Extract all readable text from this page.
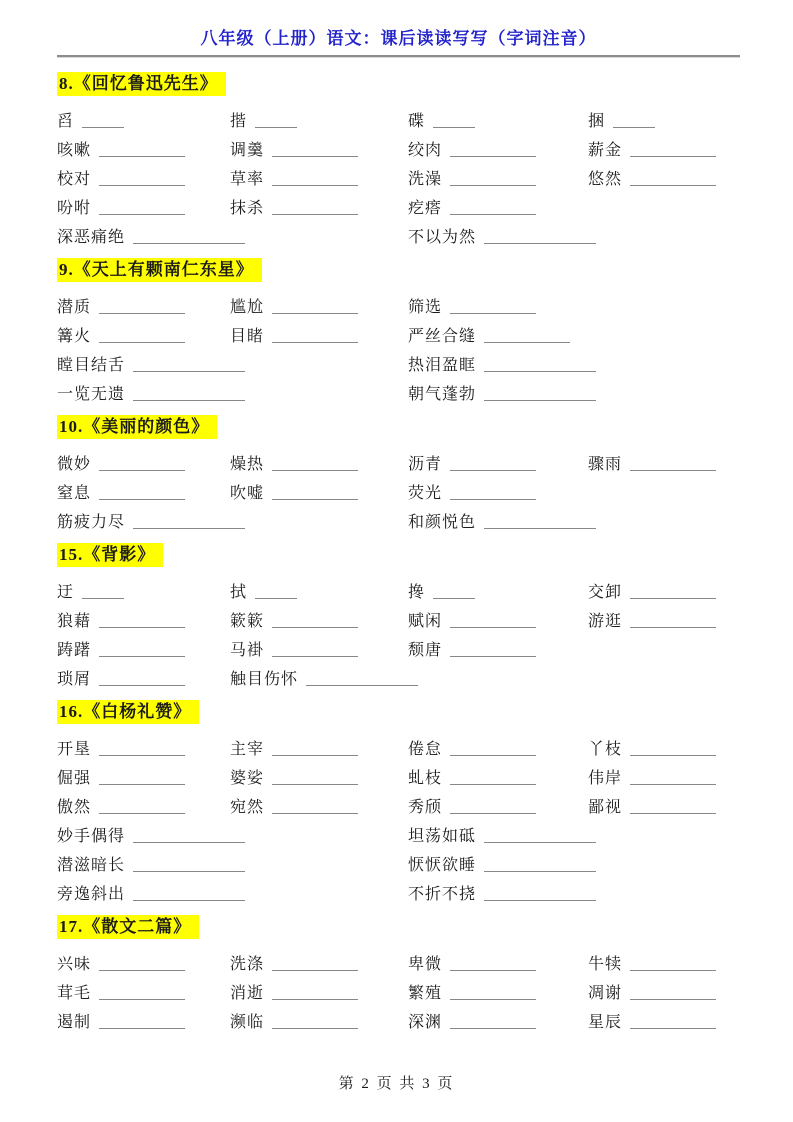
八年级（上册）语文：课后读读写写（字词注音）
8.《回忆鲁迅先生》
舀	揩	碟	捆
咳嗽	调羹	绞肉	薪金
校对	草率	洗澡	悠然
吩咐	抹杀	疙瘩
深恶痛绝	不以为然
9.《天上有颗南仁东星》
潜质	尴尬	筛选
篝火	目睹	严丝合缝
瞠目结舌	热泪盈眶
一览无遗	朝气蓬勃
10.《美丽的颜色》
微妙	燥热	沥青	骤雨
窒息	吹嘘	荧光
筋疲力尽	和颜悦色
15.《背影》
迂	拭	搀	交卸
狼藉	簌簌	赋闲	游逛
踌躇	马褂	颓唐
琐屑	触目伤怀
16.《白杨礼赞》
开垦	主宰	倦怠	丫枝
倔强	婆娑	虬枝	伟岸
傲然	宛然	秀颀	鄙视
妙手偶得	坦荡如砥
潜滋暗长	恹恹欲睡
旁逸斜出	不折不挠
17.《散文二篇》
兴味	洗涤	卑微	牛犊
茸毛	消逝	繁殖	凋谢
遏制	濒临	深渊	星辰
第 2 页 共 3 页
